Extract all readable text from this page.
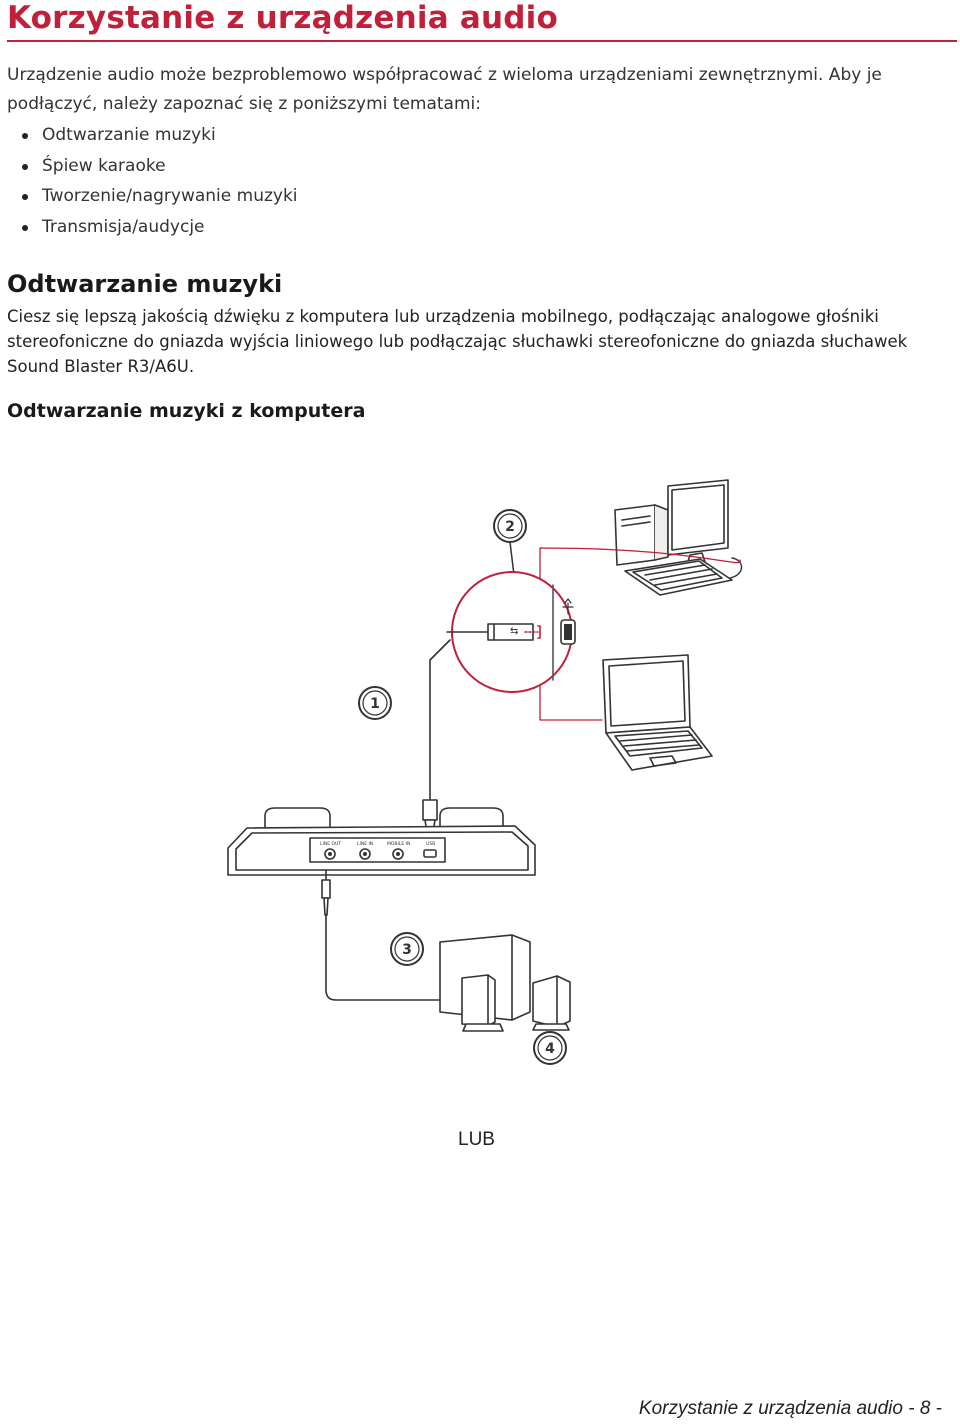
Korzystanie z urządzenia audio

Urządzenie audio może bezproblemowo współpracować z wieloma urządzeniami zewnętrznymi. Aby je podłączyć, należy zapoznać się z poniższymi tematami:

Odtwarzanie muzyki
Śpiew karaoke
Tworzenie/nagrywanie muzyki
Transmisja/audycje
Odtwarzanie muzyki

Ciesz się lepszą jakością dźwięku z komputera lub urządzenia mobilnego, podłączając analogowe głośniki stereofoniczne do gniazda wyjścia liniowego lub podłączając słuchawki stereofoniczne do gniazda słuchawek Sound Blaster R3/A6U.

Odtwarzanie muzyki z komputera
⇆
LINE OUT	LINE IN	MOBILE IN	USB
1
2
3
4
LUB
Korzystanie z urządzenia audio - 8 -
